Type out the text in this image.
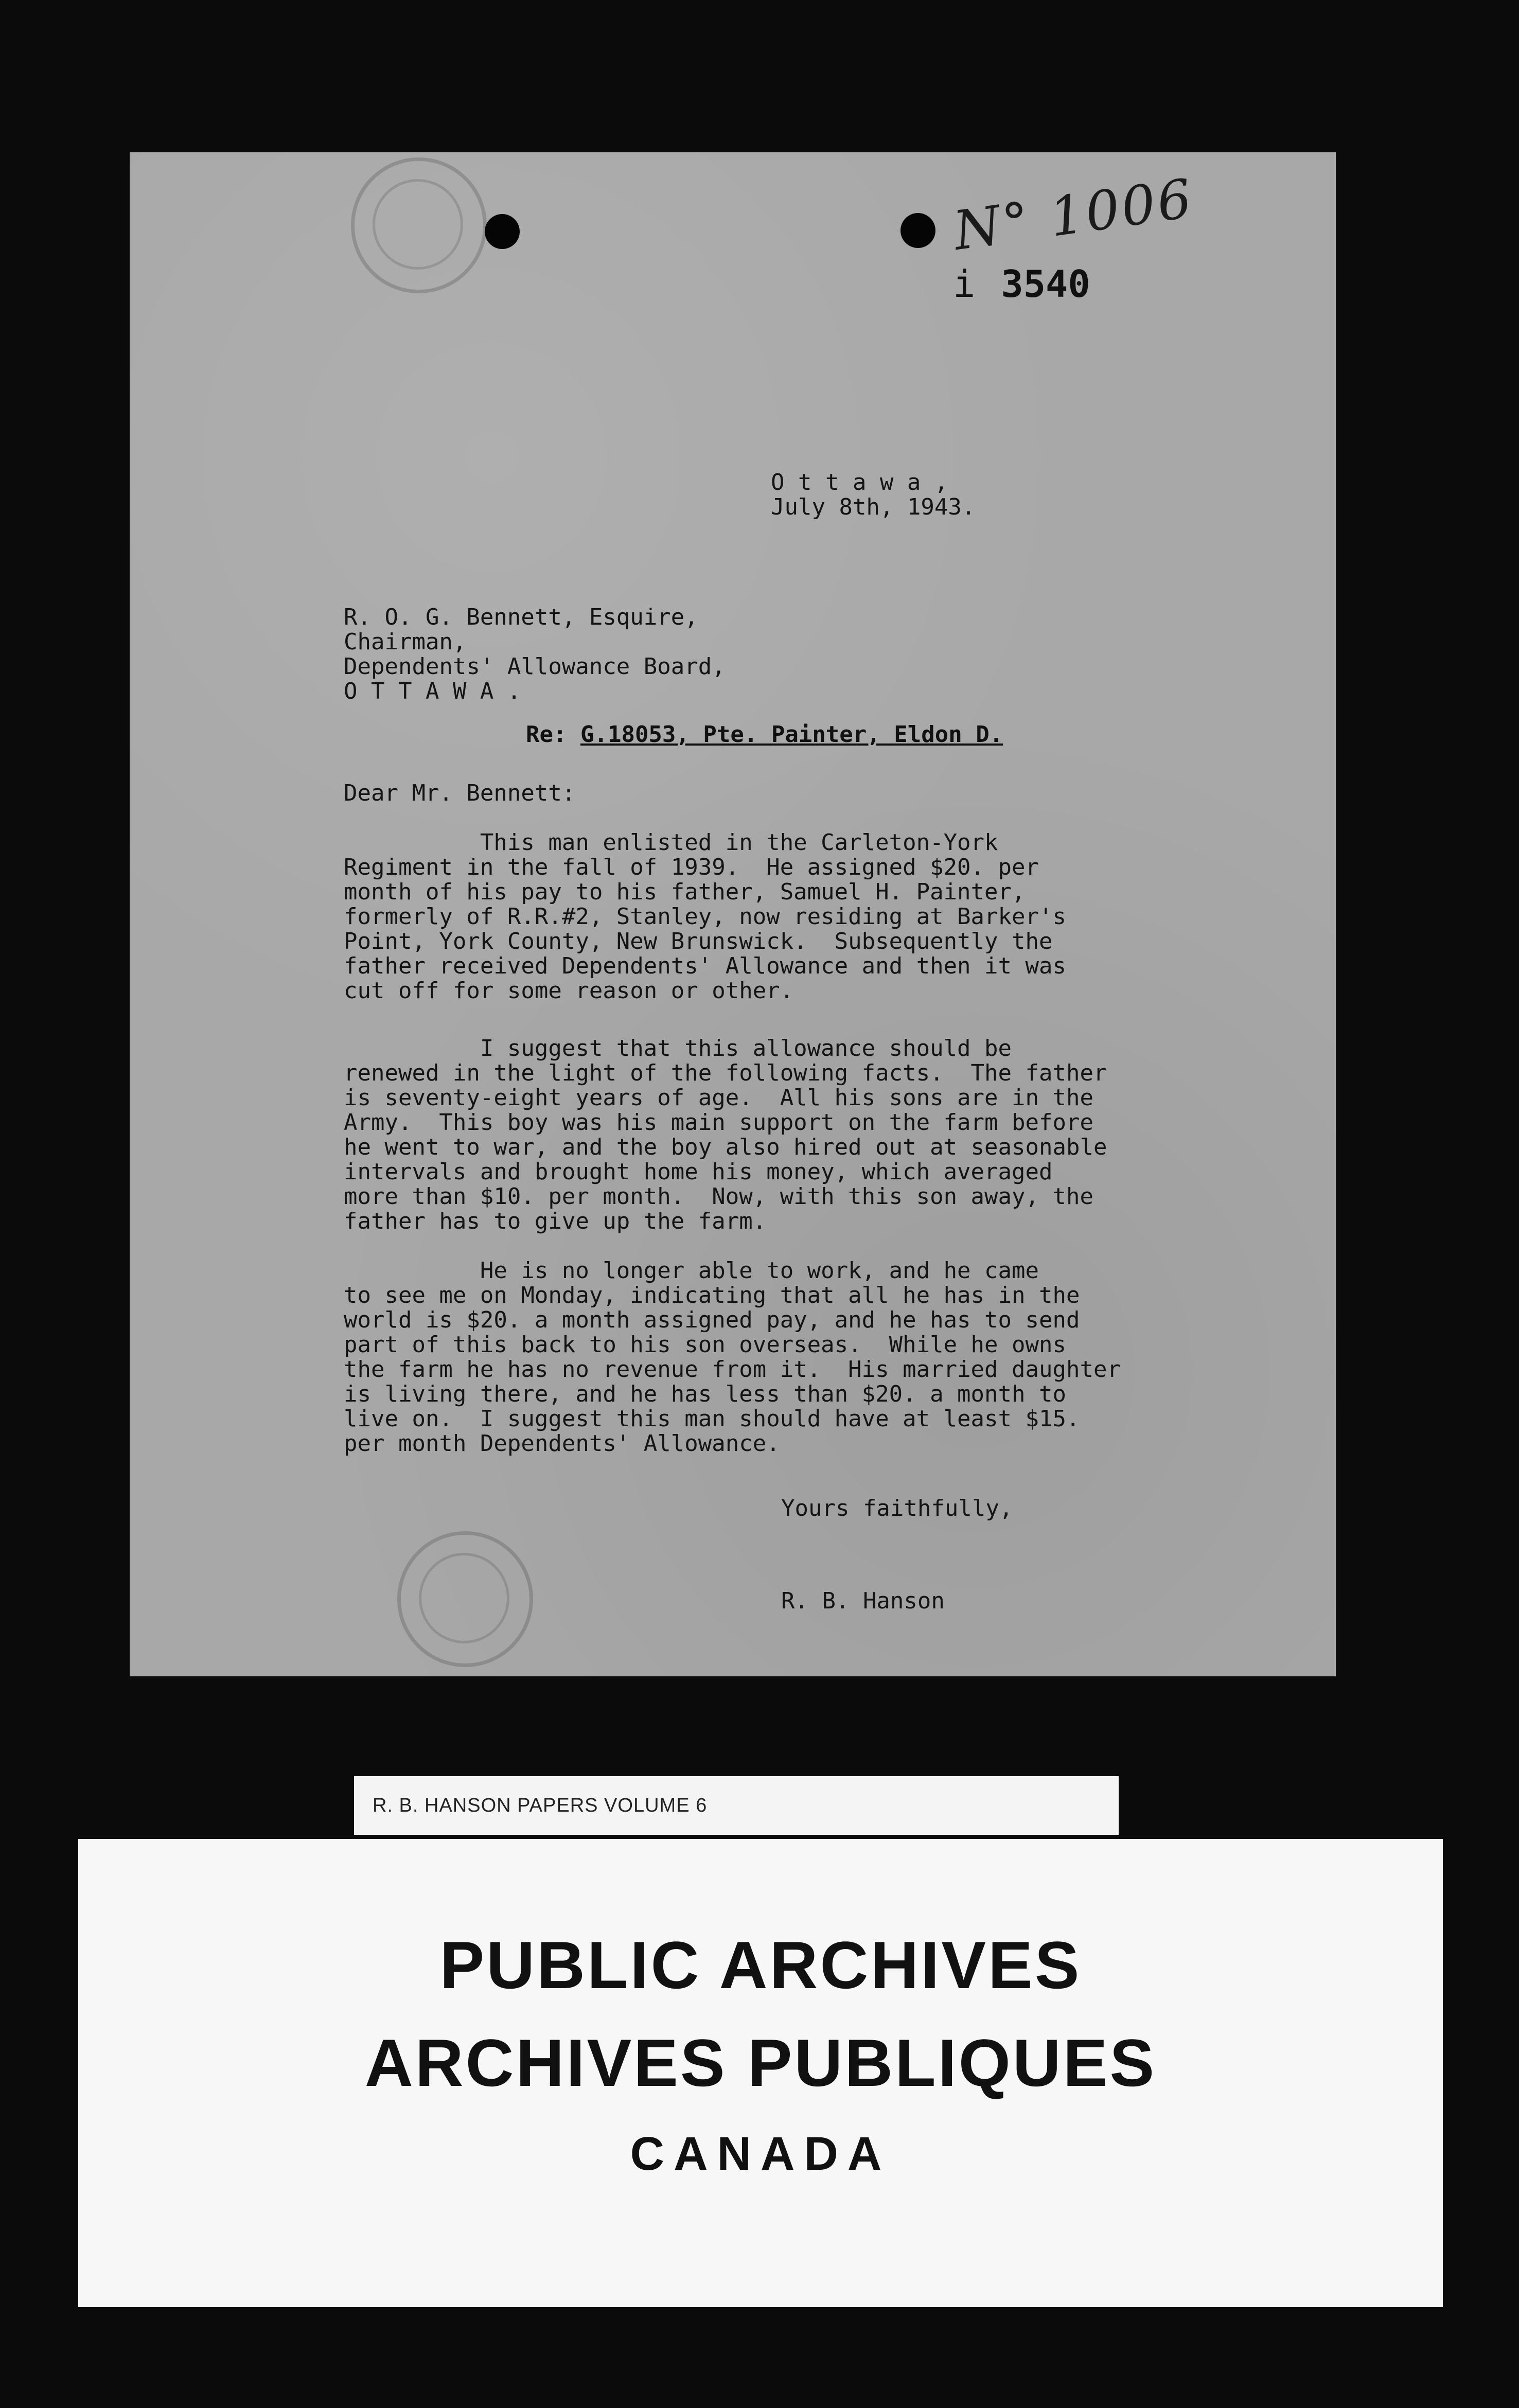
N° 1006
i 3540
O t t a w a ,
July 8th, 1943.
R. O. G. Bennett, Esquire,
Chairman,
Dependents' Allowance Board,
O T T A W A .
Re: G.18053, Pte. Painter, Eldon D.
Dear Mr. Bennett:
This man enlisted in the Carleton-York
Regiment in the fall of 1939.  He assigned $20. per
month of his pay to his father, Samuel H. Painter,
formerly of R.R.#2, Stanley, now residing at Barker's
Point, York County, New Brunswick.  Subsequently the
father received Dependents' Allowance and then it was
cut off for some reason or other.
I suggest that this allowance should be
renewed in the light of the following facts.  The father
is seventy-eight years of age.  All his sons are in the
Army.  This boy was his main support on the farm before
he went to war, and the boy also hired out at seasonable
intervals and brought home his money, which averaged
more than $10. per month.  Now, with this son away, the
father has to give up the farm.
He is no longer able to work, and he came
to see me on Monday, indicating that all he has in the
world is $20. a month assigned pay, and he has to send
part of this back to his son overseas.  While he owns
the farm he has no revenue from it.  His married daughter
is living there, and he has less than $20. a month to
live on.  I suggest this man should have at least $15.
per month Dependents' Allowance.
Yours faithfully,
R. B. Hanson
R. B. HANSON PAPERS VOLUME 6
PUBLIC ARCHIVES
ARCHIVES PUBLIQUES
CANADA
